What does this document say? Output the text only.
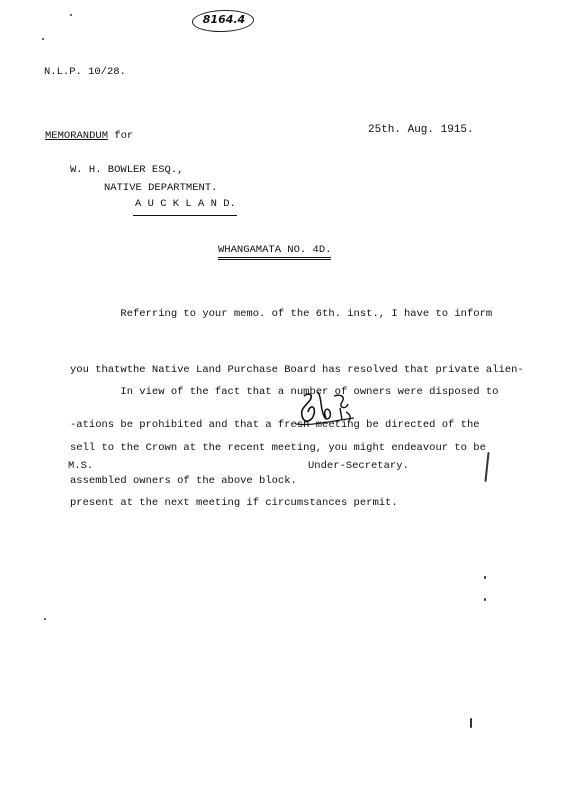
8164.4
N.L.P. 10/28.
MEMORANDUM for	25th. Aug. 1915.
W. H. BOWLER ESQ.,
NATIVE DEPARTMENT.
A U C K L A N D.
WHANGAMATA NO. 4D.

Referring to your memo. of the 6th. inst., I have to inform

you thatwthe Native Land Purchase Board has resolved that private alien-

-ations be prohibited and that a fresh meeting be directed of the

assembled owners of the above block.

In view of the fact that a number of owners were disposed to

sell to the Crown at the recent meeting, you might endeavour to be

present at the next meeting if circumstances permit.

M.S.	Under-Secretary.
